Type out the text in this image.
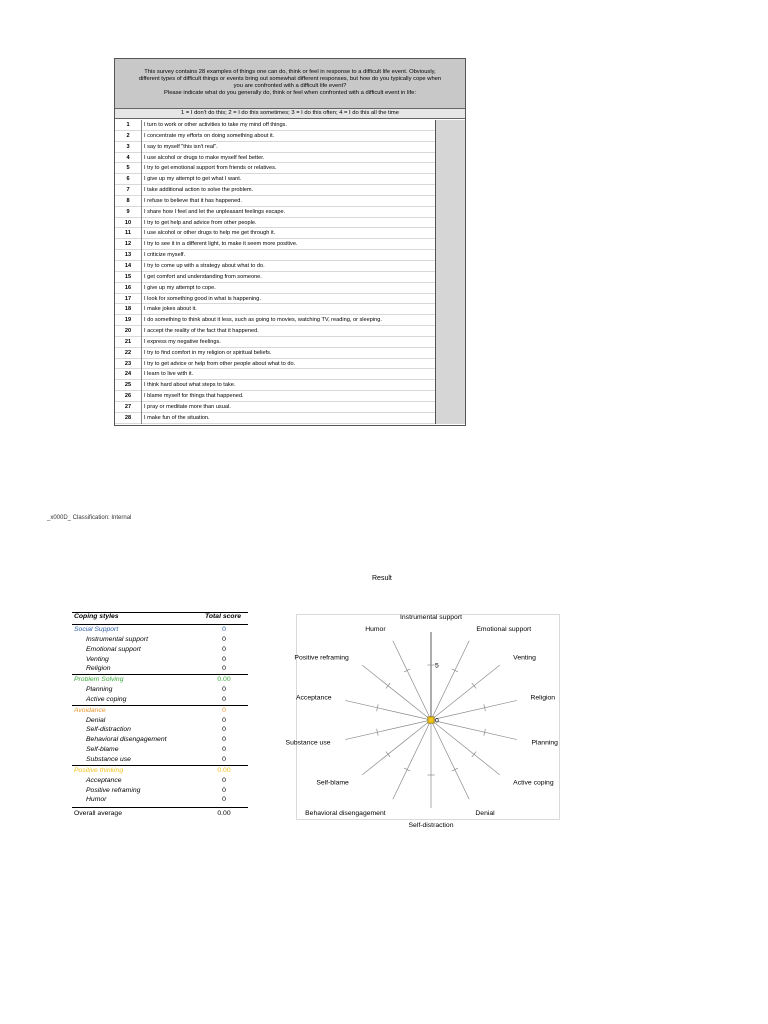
This survey contains 28 examples of things one can do, think or feel in response to a difficult life event. Obviously,
different types of difficult things or events bring out somewhat different responses, but how do you typically cope when
you are confronted with a difficult life event?
Please indicate what do you generally do, think or feel when confronted with a difficult event in life:
1 = I don't do this; 2 = I do this sometimes; 3 = I do this often; 4 = I do this all the time
1	I turn to work or other activities to take my mind off things.
2	I concentrate my efforts on doing something about it.
3	I say to myself "this isn't real".
4	I use alcohol or drugs to make myself feel better.
5	I try to get emotional support from friends or relatives.
6	I give up my attempt to get what I want.
7	I take additional action to solve the problem.
8	I refuse to believe that it has happened.
9	I share how I feel and let the unpleasant feelings escape.
10	I try to get help and advice from other people.
11	I use alcohol or other drugs to help me get through it.
12	I try to see it in a different light, to make it seem more positive.
13	I criticize myself.
14	I try to come up with a strategy about what to do.
15	I get comfort and understanding from someone.
16	I give up my attempt to cope.
17	I look for something good in what is happening.
18	I make jokes about it.
19	I do something to think about it less, such as going to movies, watching TV, reading, or sleeping.
20	I accept the reality of the fact that it happened.
21	I express my negative feelings.
22	I try to find comfort in my religion or spiritual beliefs.
23	I try to get advice or help from other people about what to do.
24	I learn to live with it.
25	I think hard about what steps to take.
26	I blame myself for things that happened.
27	I pray or meditate more than usual.
28	I make fun of the situation.
_x000D_ Classification: Internal
Result
Coping styles	Total score
Social Support	0
Instrumental support	0
Emotional support	0
Venting	0
Religion	0
Problem Solving	0.00
Planning	0
Active coping	0
Avoidance	0
Denial	0
Self-distraction	0
Behavioral disengagement	0
Self-blame	0
Substance use	0
Positive thinking	0.00
Acceptance	0
Positive reframing	0
Humor	0
Overall average	0.00
Instrumental support
Emotional support
Venting
Religion
Planning
Active coping
Denial
Self-distraction
Behavioral disengagement
Self-blame
Substance use
Acceptance
Positive reframing
Humor
0
5
